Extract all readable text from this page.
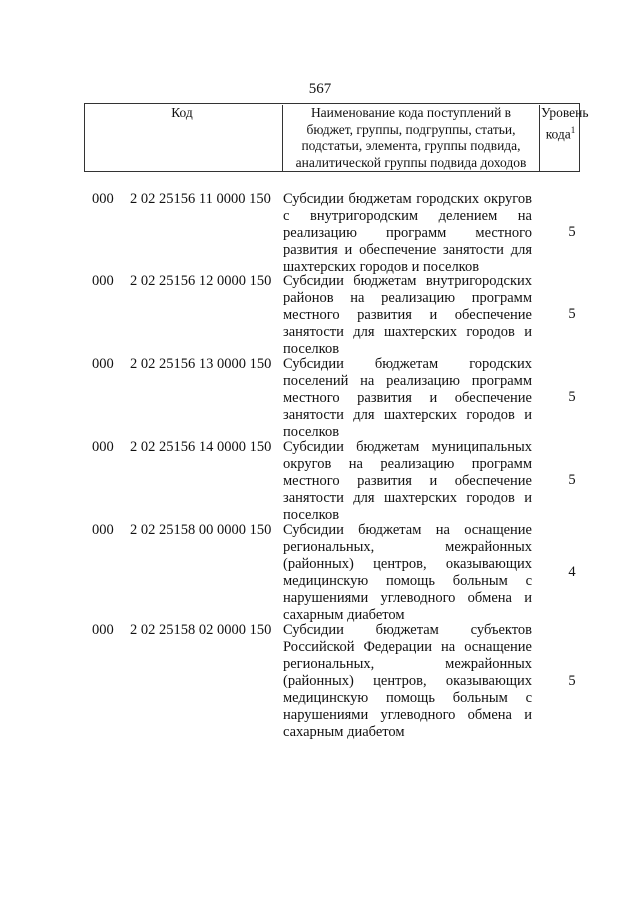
567
Код	Наименование кода поступлений в
бюджет, группы, подгруппы, статьи,
подстатьи, элемента, группы подвида,
аналитической группы подвида доходов
Уровень
кода$^1$
000 2 02 25156 11 0000 150 Субсидии бюджетам городских округов
с внутригородским делением на
реализацию программ местного
развития и обеспечение занятости для
шахтерских городов и поселков
5
000 2 02 25156 12 0000 150 Субсидии бюджетам внутригородских
районов на реализацию программ
местного развития и обеспечение
занятости для шахтерских городов и
поселков
5
000 2 02 25156 13 0000 150 Субсидии бюджетам городских
поселений на реализацию программ
местного развития и обеспечение
занятости для шахтерских городов и
поселков
5
000 2 02 25156 14 0000 150 Субсидии бюджетам муниципальных
округов на реализацию программ
местного развития и обеспечение
занятости для шахтерских городов и
поселков
5
000 2 02 25158 00 0000 150 Субсидии бюджетам на оснащение
региональных, межрайонных
(районных) центров, оказывающих
медицинскую помощь больным с
нарушениями углеводного обмена и
сахарным диабетом
4
000 2 02 25158 02 0000 150 Субсидии бюджетам субъектов
Российской Федерации на оснащение
региональных, межрайонных
(районных) центров, оказывающих
медицинскую помощь больным с
нарушениями углеводного обмена и
сахарным диабетом
5
